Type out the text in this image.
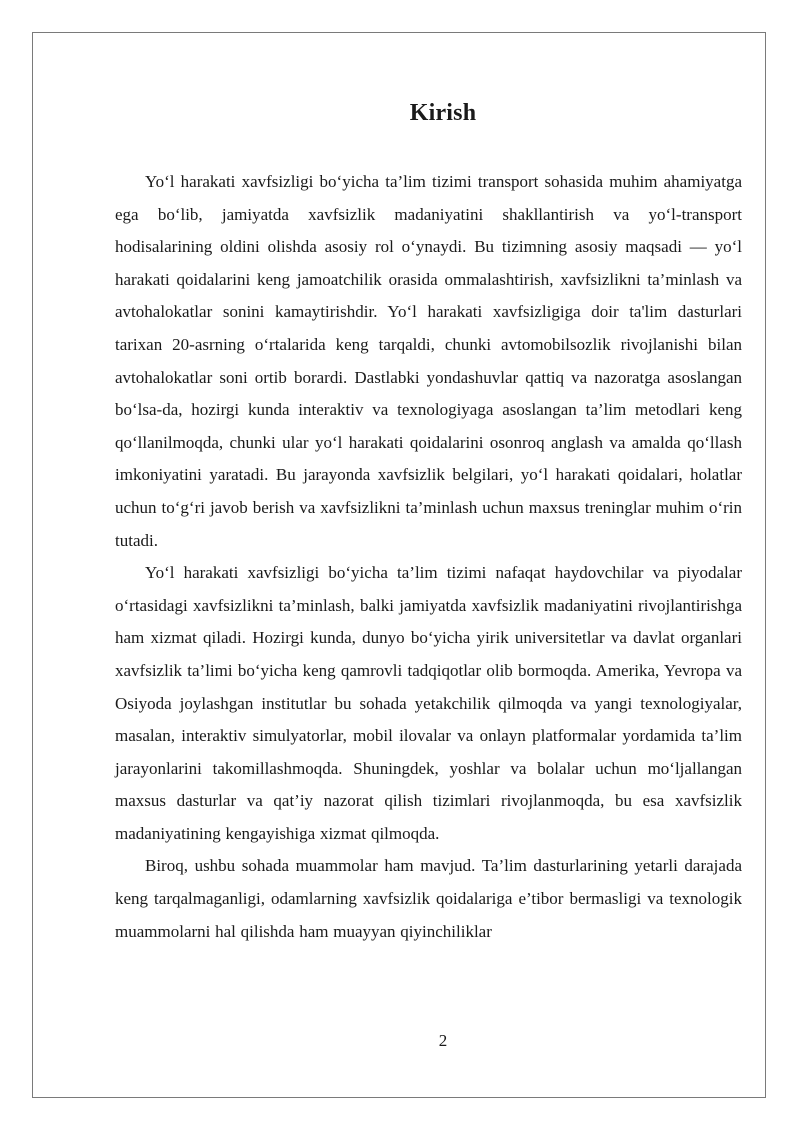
Kirish

Yo‘l harakati xavfsizligi bo‘yicha ta’lim tizimi transport sohasida muhim ahamiyatga ega bo‘lib, jamiyatda xavfsizlik madaniyatini shakllantirish va yo‘l-transport hodisalarining oldini olishda asosiy rol o‘ynaydi. Bu tizimning asosiy maqsadi — yo‘l harakati qoidalarini keng jamoatchilik orasida ommalashtirish, xavfsizlikni ta’minlash va avtohalokatlar sonini kamaytirishdir. Yo‘l harakati xavfsizligiga doir ta'lim dasturlari tarixan 20-asrning o‘rtalarida keng tarqaldi, chunki avtomobilsozlik rivojlanishi bilan avtohalokatlar soni ortib borardi. Dastlabki yondashuvlar qattiq va nazoratga asoslangan bo‘lsa-da, hozirgi kunda interaktiv va texnologiyaga asoslangan ta’lim metodlari keng qo‘llanilmoqda, chunki ular yo‘l harakati qoidalarini osonroq anglash va amalda qo‘llash imkoniyatini yaratadi. Bu jarayonda xavfsizlik belgilari, yo‘l harakati qoidalari, holatlar uchun to‘g‘ri javob berish va xavfsizlikni ta’minlash uchun maxsus treninglar muhim o‘rin tutadi.

Yo‘l harakati xavfsizligi bo‘yicha ta’lim tizimi nafaqat haydovchilar va piyodalar o‘rtasidagi xavfsizlikni ta’minlash, balki jamiyatda xavfsizlik madaniyatini rivojlantirishga ham xizmat qiladi. Hozirgi kunda, dunyo bo‘yicha yirik universitetlar va davlat organlari xavfsizlik ta’limi bo‘yicha keng qamrovli tadqiqotlar olib bormoqda. Amerika, Yevropa va Osiyoda joylashgan institutlar bu sohada yetakchilik qilmoqda va yangi texnologiyalar, masalan, interaktiv simulyatorlar, mobil ilovalar va onlayn platformalar yordamida ta’lim jarayonlarini takomillashmoqda. Shuningdek, yoshlar va bolalar uchun mo‘ljallangan maxsus dasturlar va qat’iy nazorat qilish tizimlari rivojlanmoqda, bu esa xavfsizlik madaniyatining kengayishiga xizmat qilmoqda.

Biroq, ushbu sohada muammolar ham mavjud. Ta’lim dasturlarining yetarli darajada keng tarqalmaganligi, odamlarning xavfsizlik qoidalariga e’tibor bermasligi va texnologik muammolarni hal qilishda ham muayyan qiyinchiliklar

2
